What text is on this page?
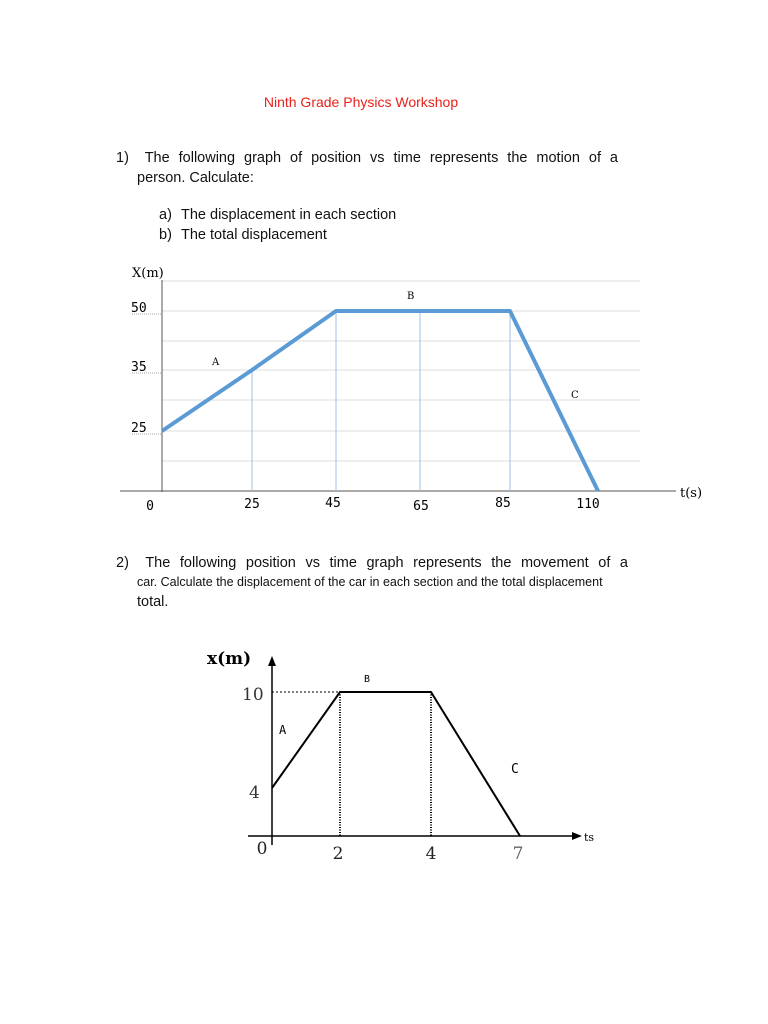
Ninth Grade Physics Workshop
1) The following graph of position vs time represents the motion of a
person. Calculate:
a) The displacement in each section
b) The total displacement
X(m)
t(s)
A
B
C
0	25	45	65	85	110
25
35
50
2) The following position vs time graph represents the movement of a
car. Calculate the displacement of the car in each section and the total displacement
total.
x(m)
ts
A
B
C
0	2	4	7
4
10
